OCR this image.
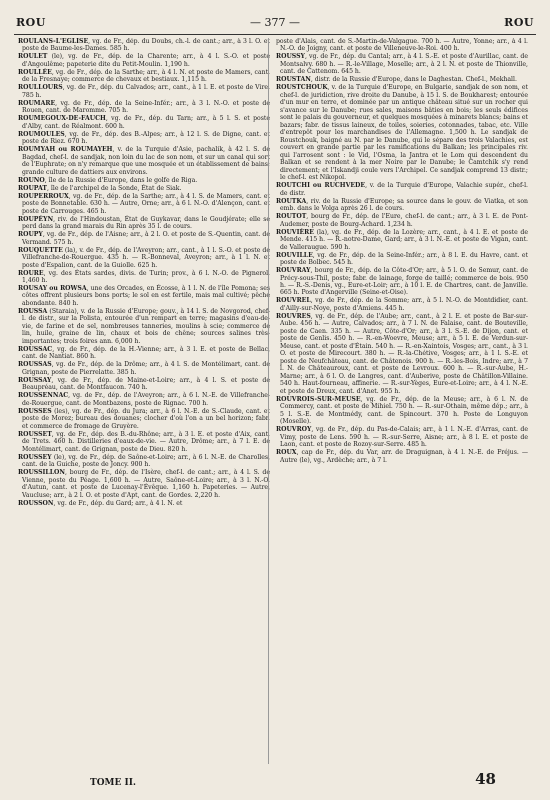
ROU	— 377 —	ROU

ROULANS-L'ÉGLISE, vg. de Fr., dép. du Doubs, ch.-l. de cant.; arr., à 3 l. O. et poste de Baume-les-Dames. 585 h.

ROULET (le), vg. de Fr., dép. de la Charente; arr., à 4 l. S.-O. et poste d'Angoulême; papeterie dite du Petit-Moulin. 1,190 h.

ROULLÉE, vg. de Fr., dép. de la Sarthe; arr., à 4 l. N. et poste de Mamers, cant. de la Fresnaye; commerce de chevaux et bestiaux. 1,115 h.

ROULLOURS, vg. de Fr., dép. du Calvados; arr., cant., à 1 l. E. et poste de Vire. 785 h.

ROUMARE, vg. de Fr., dép. de la Seine-Infér.; arr., à 3 l. N.-O. et poste de Rouen, cant. de Maromme. 705 h.

ROUMEGOUX-DE-FAUCH, vg. de Fr., dép. du Tarn; arr., à 5 l. S. et poste d'Alby, cant. de Réalmont. 600 h.

ROUMOULES, vg. de Fr., dép. des B.-Alpes; arr., à 12 l. S. de Digne, cant. et poste de Riez. 670 h.

ROUMYAH ou ROUMAYEH, v. de la Turquie d'Asie, pachalik, à 42 l. S. de Bagdad, chef-l. de sandjak, non loin du lac de son nom, et sur un canal qui sort de l'Euphrate; on n'y remarque que une mosquée et un établissement de bains; grande culture de dattiers aux environs.

ROUNO, île de la Russie d'Europe, dans le golfe de Riga.

ROUPAT, île de l'archipel de la Sonde, État de Siak.

ROUPERROUX, vg. de Fr., dép. de la Sarthe; arr., à 4 l. S. de Mamers, cant. et poste de Bonnetable. 630 h. — Autre, Orne; arr., à 6 l. N.-O. d'Alençon, cant. et poste de Carrouges. 465 h.

ROUPÉYN, riv. de l'Hindoustan, État de Guykavar, dans le Goudjérate; elle se perd dans la grand marais du Rin après 35 l. de cours.

ROUPY, vg. de Fr., dép. de l'Aisne; arr., à 2 l. O. et poste de S.-Quentin, cant. de Vermand. 575 h.

ROUQUETTE (la), v. de Fr., dép. de l'Aveyron; arr., cant., à 1 l. S.-O. et poste de Villefranche-de-Rouergue. 435 h. — R.-Bonneval, Aveyron; arr., à 1 l. N. et poste d'Espalion, cant. de la Guiolle. 625 h.

ROURE, vg. des États sardes, divis. de Turin; prov., à 6 l. N.-O. de Pignerol. 1,460 h.

ROUSAY ou ROWSA, une des Orcades, en Écosse, à 1 l. N. de l'île Pomona; ses côtes offrent plusieurs bons ports; le sol en est fertile, mais mal cultivé; pêche abondante. 840 h.

ROUSSA (Staraia), v. de la Russie d'Europe; gouv., à 14 l. S. de Novgorod, chef-l. de distr., sur la Polista, entourée d'un rempart en terre; magasins d'eau-de-vie, de farine et de sel, nombreuses tanneries, moulins à scie; commerce de lin, huile, graine de lin, chaux et bois de chêne; sources salines très-importantes; trois foires ann. 6,000 h.

ROUSSAC, vg. de Fr., dép. de la H.-Vienne; arr., à 3 l. E. et poste de Bellac, cant. de Nantiat. 860 h.

ROUSSAS, vg. de Fr., dép. de la Drôme; arr., à 4 l. S. de Montélimart, cant. de Grignan, poste de Pierrelatte. 385 h.

ROUSSAY, vg. de Fr., dép. de Maine-et-Loire; arr., à 4 l. S. et poste de Beaupréau, cant. de Montfaucon. 740 h.

ROUSSENNAC, vg. de Fr., dép. de l'Aveyron; arr., à 6 l. N.-E. de Villefranche-de-Rouergue, cant. de Montbazens, poste de Rignac. 700 h.

ROUSSES (les), vg. de Fr., dép. du Jura; arr., à 6 l. N.-E. de S.-Claude, cant. et poste de Morez; bureau des douanes; clocher d'où l'on a un bel horizon; fabr. et commerce de fromage de Gruyère.

ROUSSET, vg. de Fr., dép. des B.-du-Rhône; arr., à 3 l. E. et poste d'Aix, cant. de Trets. 460 h. Distilleries d'eaux-de-vie. — Autre, Drôme; arr., à 7 l. E. de Montélimart, cant. de Grignan, poste de Dieu. 820 h.

ROUSSEY (le), vg. de Fr., dép. de Saône-et-Loire; arr., à 6 l. N.-E. de Charolles, cant. de la Guiche, poste de Joncy. 900 h.

ROUSSILLON, bourg de Fr., dép. de l'Isère, chef-l. de cant.; arr., à 4 l. S. de Vienne, poste du Péage. 1,600 h. — Autre, Saône-et-Loire; arr., à 3 l. N.-O. d'Autun, cant. et poste de Lucenay-l'Évêque. 1,160 h. Papeteries. — Autre, Vaucluse; arr., à 2 l. O. et poste d'Apt, cant. de Gordes. 2,220 h.

ROUSSON, vg. de Fr., dép. du Gard; arr., à 4 l. N. et

poste d'Alais, cant. de S.-Martin-de-Valgague. 700 h. — Autre, Yonne; arr., à 4 l. N.-O. de Joigny, cant. et poste de Villeneuve-le-Roi. 400 h.

ROUSSY, vg. de Fr., dép. du Cantal; arr., à 4 l. S.-E. et poste d'Aurillac, cant. de Montsalvy. 680 h. — R.-le-Village, Moselle; arr., à 2 l. N. et poste de Thionville, cant. de Cattenom. 645 h.

ROUSTAN, distr. de la Russie d'Europe, dans le Daghestan. Chef-l., Mekhall.

ROUSTCHOUK, v. de la Turquie d'Europe, en Bulgarie, sandjak de son nom, et chef-l. de juridiction, rive droite du Danube, à 15 l. S. de Boukharest; entourée d'un mur en terre, et dominée par un antique château situé sur un rocher qui s'avance sur le Danube; rues sales, maisons bâties en bois; les seuls édifices sont le palais du gouverneur, et quelques mosquées à minarets blancs; bains et bazars; fabr. de tissus laineux, de toiles, soieries, cotonnades, tabac, etc. Ville d'entrepôt pour les marchandises de l'Allemagne. 1,500 h. Le sandjak de Roustchouk, baigné au N. par le Danube, qui le sépare des trois Valachies, est couvert en grande partie par les ramifications du Balkan; les principales riv. qui l'arrosent sont : le Vid, l'Osma, la Jantra et le Lom qui descendent du Balkan et se rendent à la mer Noire par le Danube; le Camtchik s'y rend directement; et l'Iskandji coule vers l'Archipel. Ce sandjak comprend 13 distr.; le chef-l. est Nikopol.

ROUTCHI ou RUCHVEDE, v. de la Turquie d'Europe, Valachie supér., chef-l. de distr.

ROUTKA, riv. de la Russie d'Europe; sa source dans le gouv. de Viatka, et son emb. dans le Volga après 26 l. de cours.

ROUTOT, bourg de Fr., dép. de l'Eure, chef-l. de cant.; arr., à 3 l. E. de Pont-Audemer, poste de Bourg-Achard. 1,234 h.

ROUVIÈRE (la), vg. de Fr., dép. de la Lozère; arr., cant., à 4 l. E. et poste de Mende. 415 h. — R.-notre-Dame, Gard; arr., à 3 l. N.-E. et poste de Vigan, cant. de Valleraugue. 590 h.

ROUVILLE, vg. de Fr., dép. de la Seine-Infér.; arr., à 8 l. E. du Havre, cant. et poste de Bolbec. 545 h.

ROUVRAY, bourg de Fr., dép. de la Côte-d'Or; arr., à 5 l. O. de Semur, cant. de Précy-sous-Thil, poste; fabr. de lainage, forge de taillé; commerce de bois. 950 h. — R.-S.-Denis, vg., Eure-et-Loir; arr., à 10 l. E. de Chartres, cant. de Janville. 665 h. Poste d'Angerville (Seine-et-Oise).

ROUVREL, vg. de Fr., dép. de la Somme; arr., à 5 l. N.-O. de Montdidier, cant. d'Ailly-sur-Noye, poste d'Amiens. 445 h.

ROUVRES, vg. de Fr., dép. de l'Aube; arr., cant., à 2 l. E. et poste de Bar-sur-Aube. 456 h. — Autre, Calvados; arr., à 7 l. N. de Falaise, cant. de Bouteville, poste de Caen. 335 h. — Autre, Côte-d'Or; arr., à 3 l. S.-E. de Dijon, cant. et poste de Genlis. 450 h. — R.-en-Woevre, Meuse; arr., à 5 l. E. de Verdun-sur-Meuse, cant. et poste d'Étain. 540 h. — R.-en-Xaintois, Vosges; arr., cant., à 3 l. O. et poste de Mirecourt. 380 h. — R.-la-Chétive, Vosges; arr., à 1 l. S.-E. et poste de Neufchâteau, cant. de Châtenois. 900 h. — R.-les-Bois, Indre; arr., à 7 l. N. de Châteauroux, cant. et poste de Levroux. 600 h. — R.-sur-Aube, H.-Marne; arr., à 6 l. O. de Langres, cant. d'Auberive, poste de Châtillon-Villaine. 540 h. Haut-fourneau, affinerie. — R.-sur-Yèges, Eure-et-Loire; arr., à 4 l. N.-E. et poste de Dreux, cant. d'Anet. 955 h.

ROUVROIS-SUR-MEUSE, vg. de Fr., dép. de la Meuse; arr., à 6 l. N. de Commercy, cant. et poste de Mihiel. 750 h. — R.-sur-Othain, même dép.; arr., à 5 l. S.-E. de Montmédy, cant. de Spincourt. 370 h. Poste de Longuyon (Moselle).

ROUVROY, vg. de Fr., dép. du Pas-de-Calais; arr., à 1 l. N.-E. d'Arras, cant. de Vimy, poste de Lens. 590 h. — R.-sur-Serre, Aisne; arr., à 8 l. E. et poste de Laon, cant. et poste de Rozoy-sur-Serre. 485 h.

ROUX, cap de Fr., dép. du Var, arr. de Draguignan, à 4 l. N.-E. de Fréjus. — Autre (le), vg., Ardèche; arr., à 7 l.

TOME II.	48
